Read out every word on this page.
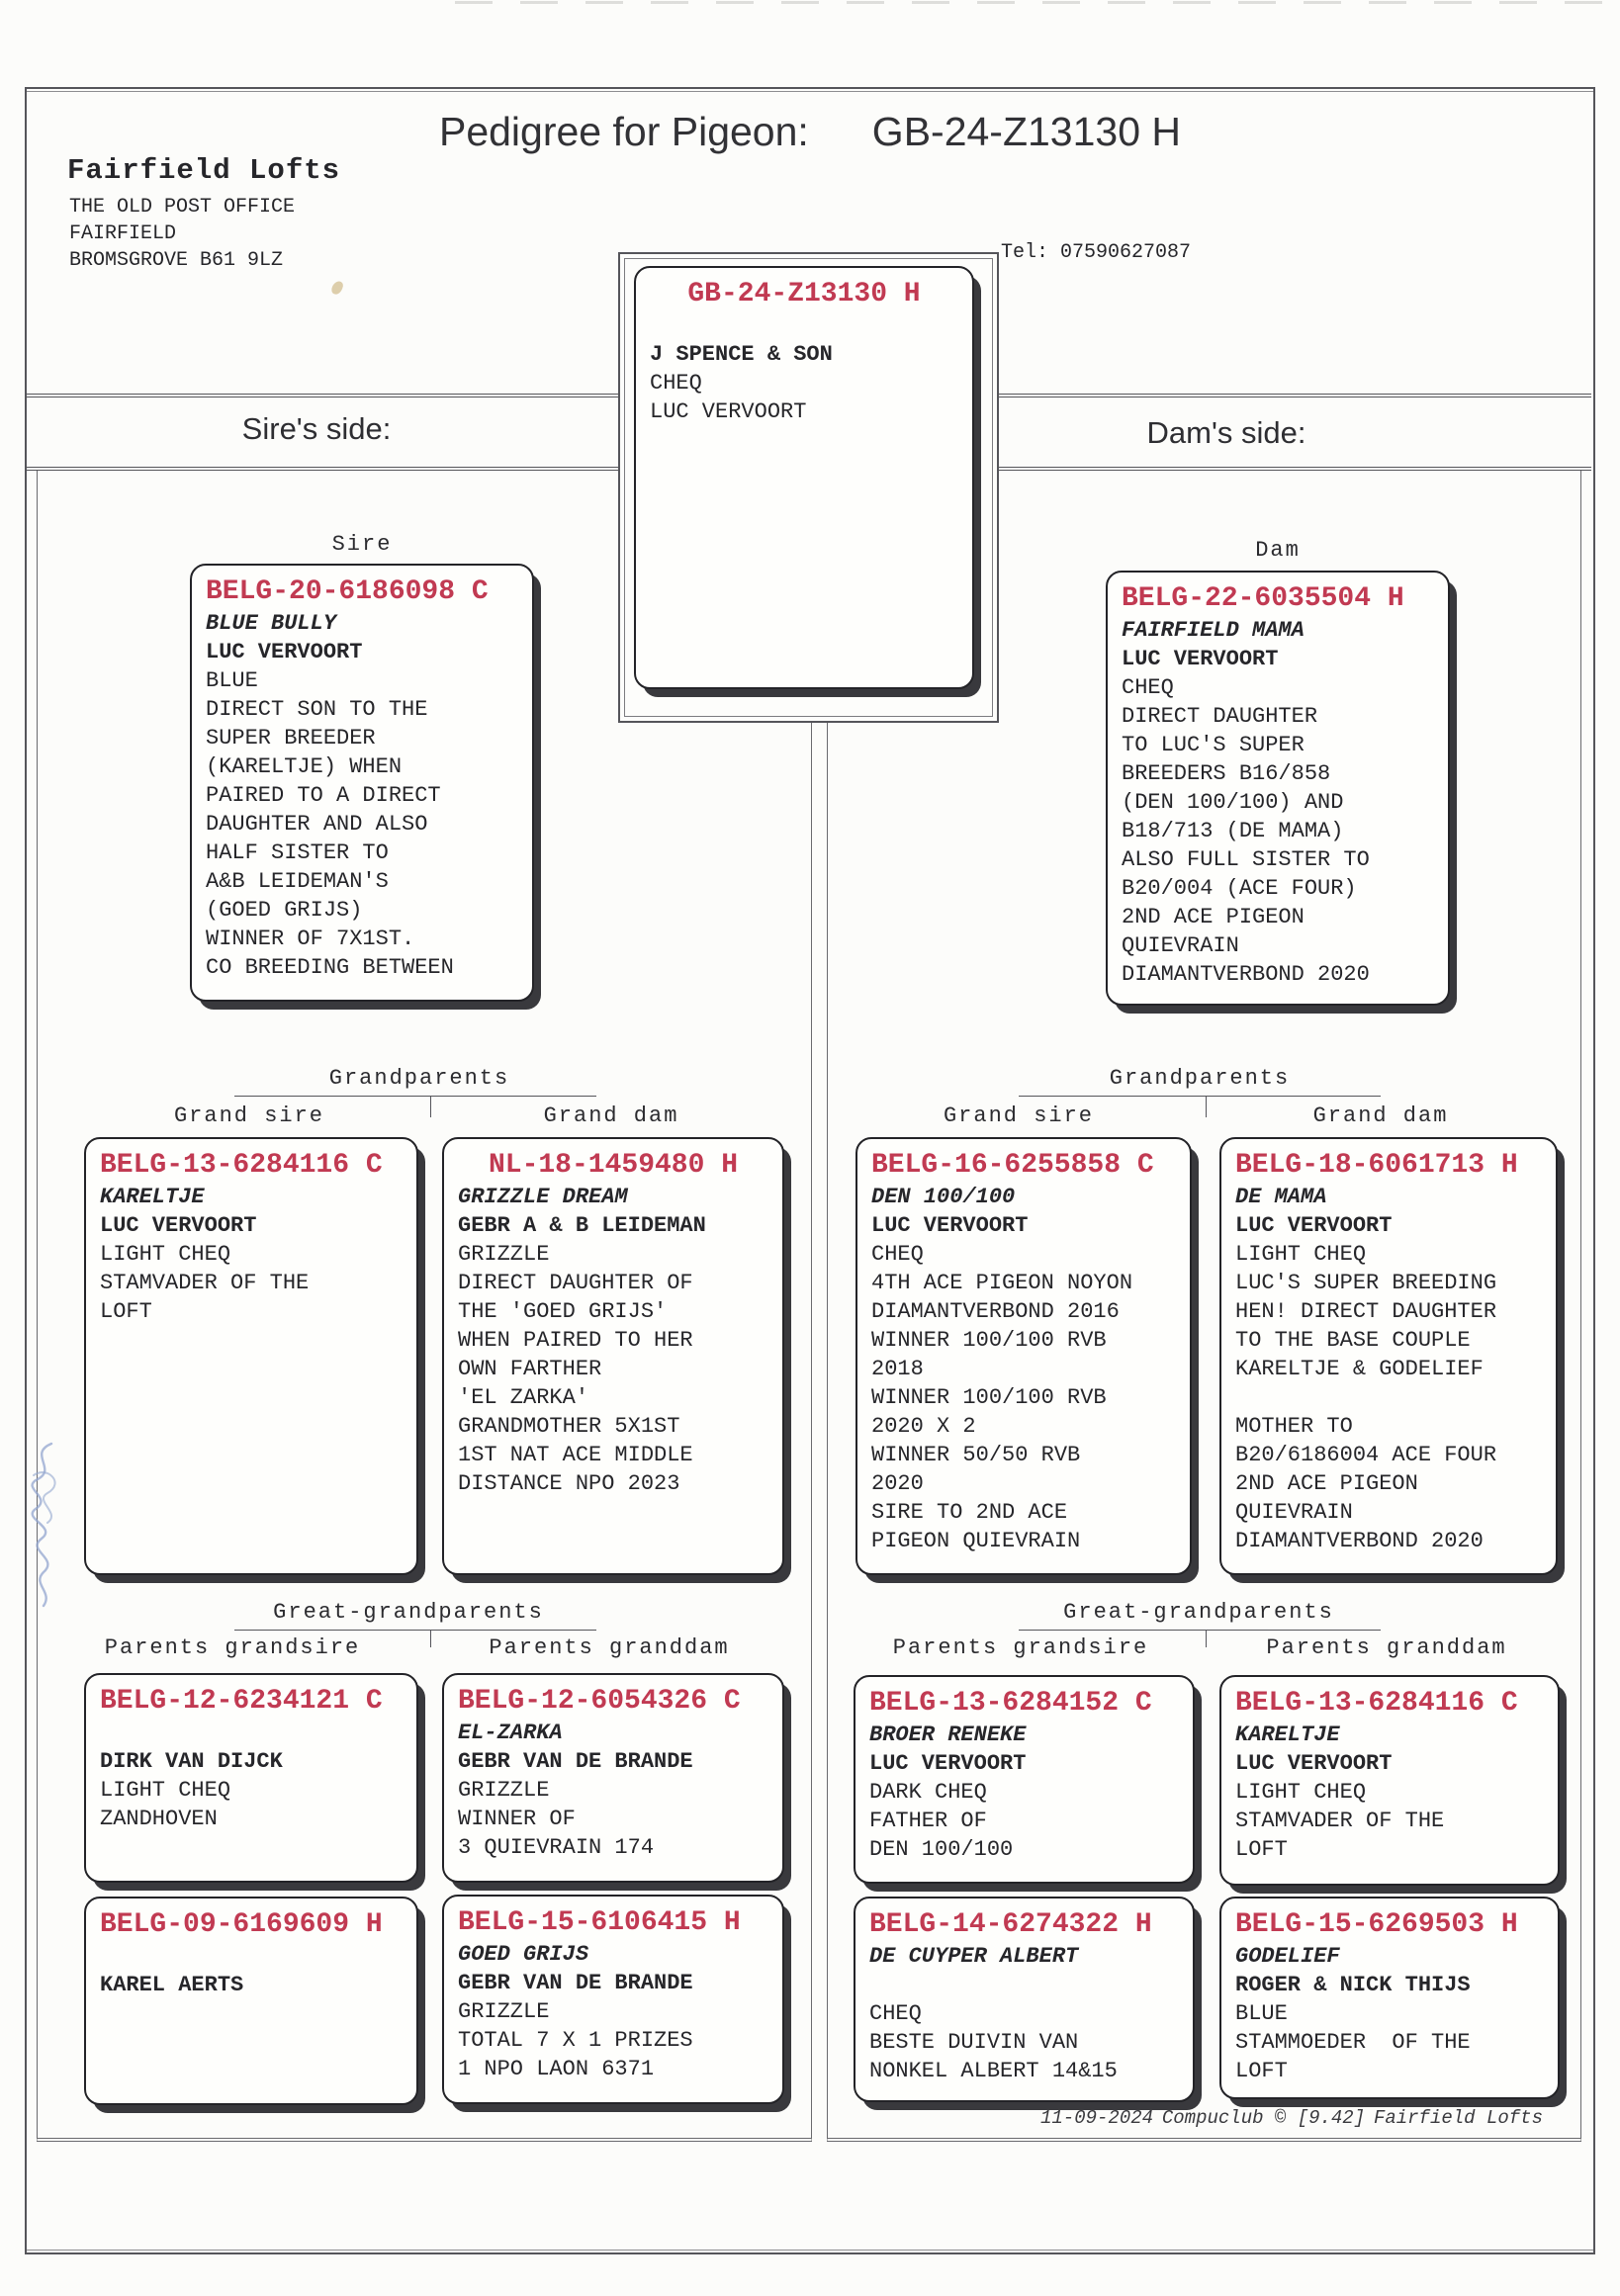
Pedigree for Pigeon: GB-24-Z13130 H
Fairfield Lofts
THE OLD POST OFFICE
FAIRFIELD
BROMSGROVE B61 9LZ	Tel: 07590627087
Sire's side:	Dam's side:
GB-24-Z13130 H
J SPENCE & SON
CHEQ
LUC VERVOORT
Sire	Dam
BELG-20-6186098 C
BLUE BULLY
LUC VERVOORT
BLUE
DIRECT SON TO THE
SUPER BREEDER
(KARELTJE) WHEN
PAIRED TO A DIRECT
DAUGHTER AND ALSO
HALF SISTER TO
A&B LEIDEMAN'S
(GOED GRIJS)
WINNER OF 7X1ST.
CO BREEDING BETWEEN
BELG-22-6035504 H
FAIRFIELD MAMA
LUC VERVOORT
CHEQ
DIRECT DAUGHTER
TO LUC'S SUPER
BREEDERS B16/858
(DEN 100/100) AND
B18/713 (DE MAMA)
ALSO FULL SISTER TO
B20/004 (ACE FOUR)
2ND ACE PIGEON
QUIEVRAIN
DIAMANTVERBOND 2020
Grandparents	Grandparents
Grand sire	Grand dam	Grand sire	Grand dam
BELG-13-6284116 C
KARELTJE
LUC VERVOORT
LIGHT CHEQ
STAMVADER OF THE
LOFT
NL-18-1459480 H
GRIZZLE DREAM
GEBR A & B LEIDEMAN
GRIZZLE
DIRECT DAUGHTER OF
THE 'GOED GRIJS'
WHEN PAIRED TO HER
OWN FARTHER
'EL ZARKA'
GRANDMOTHER 5X1ST
1ST NAT ACE MIDDLE
DISTANCE NPO 2023
BELG-16-6255858 C
DEN 100/100
LUC VERVOORT
CHEQ
4TH ACE PIGEON NOYON
DIAMANTVERBOND 2016
WINNER 100/100 RVB
2018
WINNER 100/100 RVB
2020 X 2
WINNER 50/50 RVB
2020
SIRE TO 2ND ACE
PIGEON QUIEVRAIN
BELG-18-6061713 H
DE MAMA
LUC VERVOORT
LIGHT CHEQ
LUC'S SUPER BREEDING
HEN! DIRECT DAUGHTER
TO THE BASE COUPLE
KARELTJE & GODELIEF

MOTHER TO
B20/6186004 ACE FOUR
2ND ACE PIGEON
QUIEVRAIN
DIAMANTVERBOND 2020
Great-grandparents	Great-grandparents
Parents grandsire	Parents granddam	Parents grandsire	Parents granddam
BELG-12-6234121 C
DIRK VAN DIJCK
LIGHT CHEQ
ZANDHOVEN
BELG-12-6054326 C
EL-ZARKA
GEBR VAN DE BRANDE
GRIZZLE
WINNER OF
3 QUIEVRAIN 174
BELG-09-6169609 H
KAREL AERTS
BELG-15-6106415 H
GOED GRIJS
GEBR VAN DE BRANDE
GRIZZLE
TOTAL 7 X 1 PRIZES
1 NPO LAON 6371
BELG-13-6284152 C
BROER RENEKE
LUC VERVOORT
DARK CHEQ
FATHER OF
DEN 100/100
BELG-13-6284116 C
KARELTJE
LUC VERVOORT
LIGHT CHEQ
STAMVADER OF THE
LOFT
BELG-14-6274322 H
DE CUYPER ALBERT
CHEQ
BESTE DUIVIN VAN
NONKEL ALBERT 14&15
BELG-15-6269503 H
GODELIEF
ROGER & NICK THIJS
BLUE
STAMMOEDER  OF THE
LOFT
11-09-2024 Compuclub © [9.42] Fairfield Lofts
